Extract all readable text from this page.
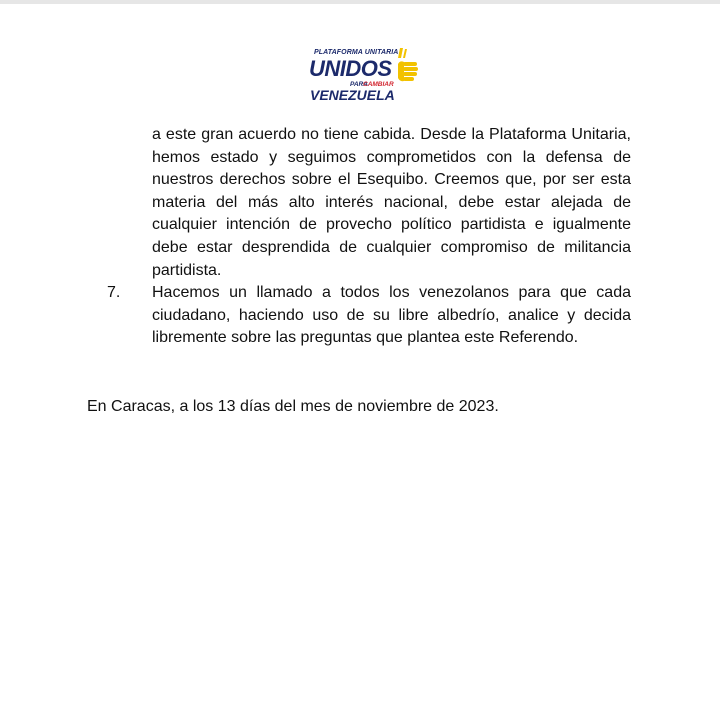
PLATAFORMA UNITARIA
UNIDOS
PARA
CAMBIAR
VENEZUELA

a este gran acuerdo no tiene cabida. Desde la Plataforma Unitaria, hemos estado y seguimos comprometidos con la defensa de nuestros derechos sobre el Esequibo. Creemos que, por ser esta materia del más alto interés nacional, debe estar alejada de cualquier intención de provecho político partidista e igualmente debe estar desprendida de cualquier compromiso de militancia partidista.

7. Hacemos un llamado a todos los venezolanos para que cada ciudadano, haciendo uso de su libre albedrío, analice y decida libremente sobre las preguntas que plantea este Referendo.

En Caracas, a los 13 días del mes de noviembre de 2023.
